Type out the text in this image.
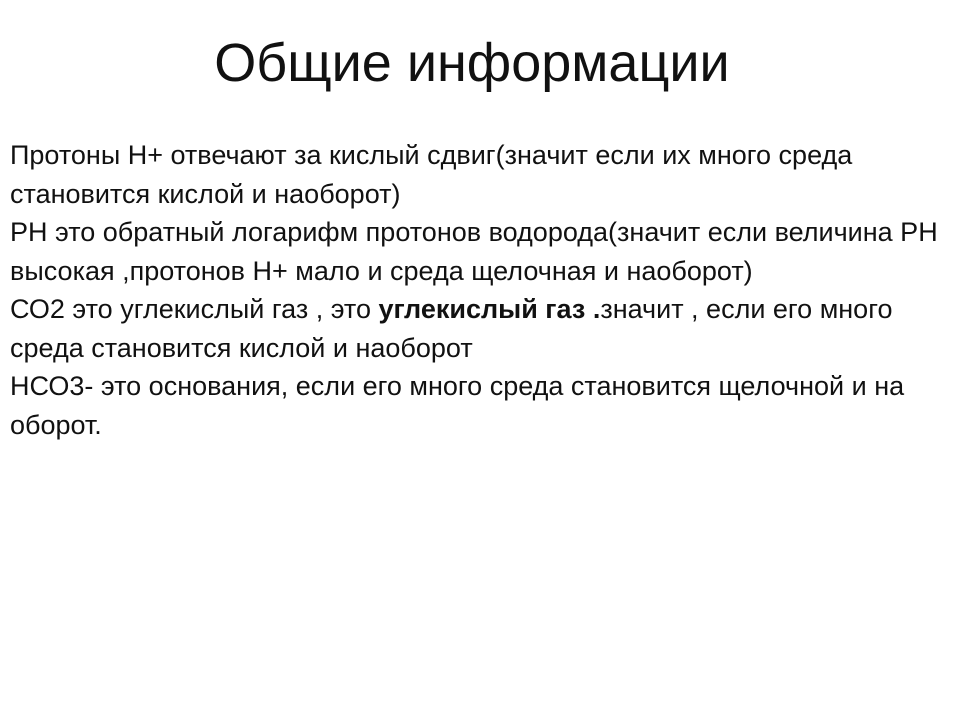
Общие информации

Протоны Н+ отвечают за кислый сдвиг(значит если их много среда становится кислой и наоборот)

PH это обратный логарифм протонов водорода(значит если величина PH высокая ,протонов Н+ мало и среда щелочная и наоборот)

СО2 это углекислый газ , это углекислый газ .значит , если его много среда становится кислой и наоборот

НСО3- это основания, если его много среда становится щелочной и на оборот.
